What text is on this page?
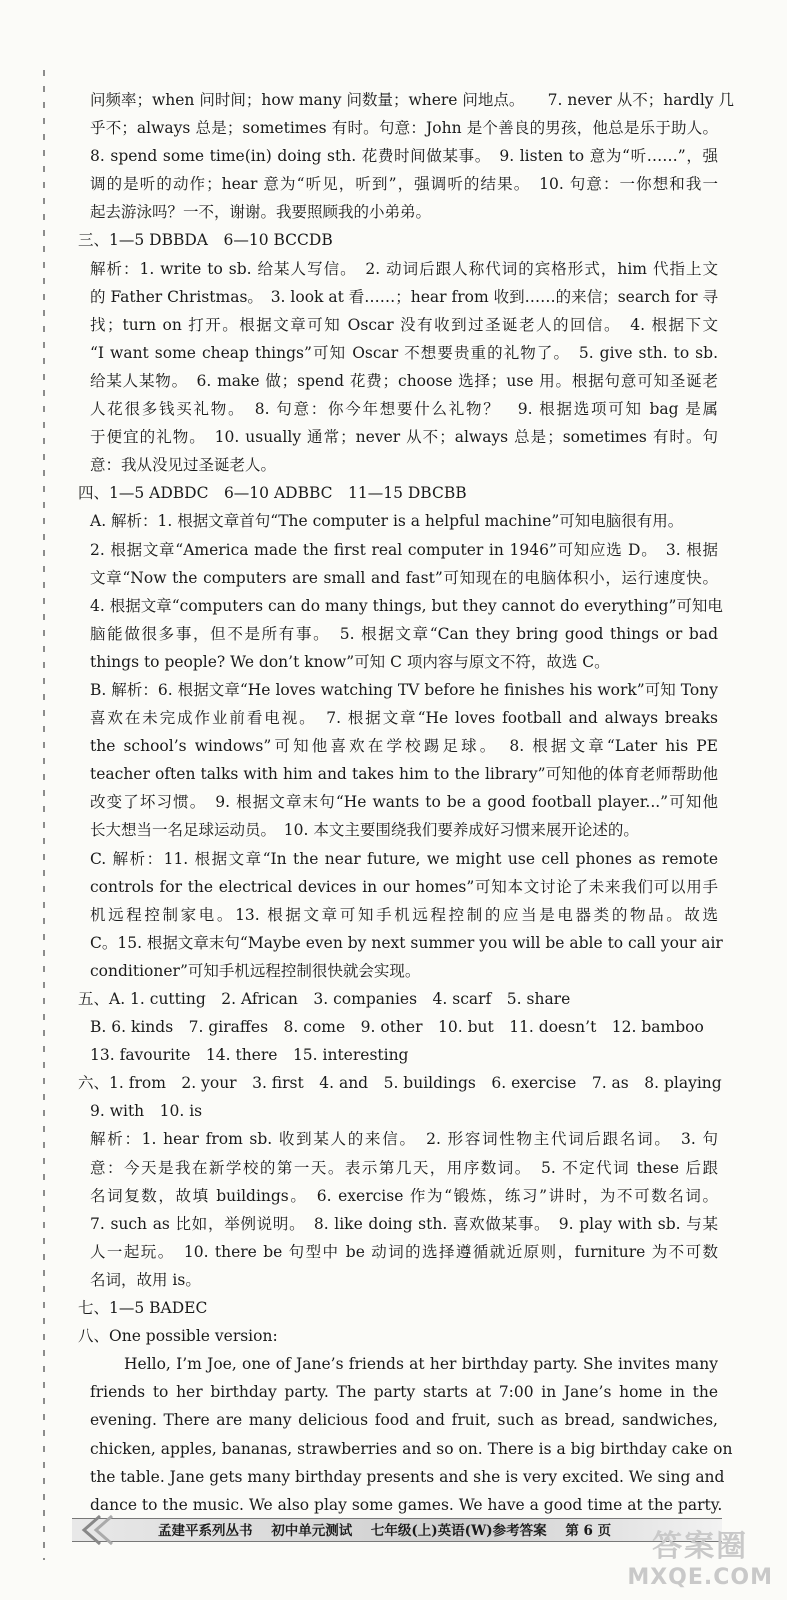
问频率；when 问时间；how many 问数量；where 问地点。　　7. never 从不；hardly 几
乎不；always 总是；sometimes 有时。句意：John 是个善良的男孩，他总是乐于助人。
8. spend some time(in) doing sth. 花费时间做某事。　9. listen to 意为“听……”，强
调的是听的动作；hear 意为“听见，听到”，强调听的结果。　10. 句意：一你想和我一
起去游泳吗？一不，谢谢。我要照顾我的小弟弟。
三、1—5 DBBDA　6—10 BCCDB
解析：1. write to sb. 给某人写信。　2. 动词后跟人称代词的宾格形式，him 代指上文
的 Father Christmas。　3. look at 看……；hear from 收到……的来信；search for 寻
找；turn on 打开。根据文章可知 Oscar 没有收到过圣诞老人的回信。　4. 根据下文
“I want some cheap things”可知 Oscar 不想要贵重的礼物了。　5. give sth. to sb.
给某人某物。　6. make 做；spend 花费；choose 选择；use 用。根据句意可知圣诞老
人花很多钱买礼物。　8. 句意：你今年想要什么礼物？　9. 根据选项可知 bag 是属
于便宜的礼物。　10. usually 通常；never 从不；always 总是；sometimes 有时。句
意：我从没见过圣诞老人。
四、1—5 ADBDC　6—10 ADBBC　11—15 DBCBB
A. 解析：1. 根据文章首句“The computer is a helpful machine”可知电脑很有用。
2. 根据文章“America made the first real computer in 1946”可知应选 D。　3. 根据
文章“Now the computers are small and fast”可知现在的电脑体积小，运行速度快。
4. 根据文章“computers can do many things, but they cannot do everything”可知电
脑能做很多事，但不是所有事。　5. 根据文章“Can they bring good things or bad
things to people? We don’t know”可知 C 项内容与原文不符，故选 C。
B. 解析：6. 根据文章“He loves watching TV before he finishes his work”可知 Tony
喜欢在未完成作业前看电视。　7. 根据文章“He loves football and always breaks
the school’s windows”可知他喜欢在学校踢足球。　8. 根据文章“Later his PE
teacher often talks with him and takes him to the library”可知他的体育老师帮助他
改变了坏习惯。　9. 根据文章末句“He wants to be a good football player...”可知他
长大想当一名足球运动员。　10. 本文主要围绕我们要养成好习惯来展开论述的。
C. 解析：11. 根据文章“In the near future, we might use cell phones as remote
controls for the electrical devices in our homes”可知本文讨论了未来我们可以用手
机远程控制家电。13. 根据文章可知手机远程控制的应当是电器类的物品。故选
C。15. 根据文章末句“Maybe even by next summer you will be able to call your air
conditioner”可知手机远程控制很快就会实现。
五、A. 1. cutting　2. African　3. companies　4. scarf　5. share
B. 6. kinds　7. giraffes　8. come　9. other　10. but　11. doesn’t　12. bamboo
13. favourite　14. there　15. interesting
六、1. from　2. your　3. first　4. and　5. buildings　6. exercise　7. as　8. playing
9. with　10. is
解析：1. hear from sb. 收到某人的来信。　2. 形容词性物主代词后跟名词。　3. 句
意：今天是我在新学校的第一天。表示第几天，用序数词。　5. 不定代词 these 后跟
名词复数，故填 buildings。　6. exercise 作为“锻炼，练习”讲时，为不可数名词。
7. such as 比如，举例说明。　8. like doing sth. 喜欢做某事。　9. play with sb. 与某
人一起玩。　10. there be 句型中 be 动词的选择遵循就近原则，furniture 为不可数
名词，故用 is。
七、1—5 BADEC
八、One possible version:
Hello, I’m Joe, one of Jane’s friends at her birthday party. She invites many
friends to her birthday party. The party starts at 7:00 in Jane’s home in the
evening. There are many delicious food and fruit, such as bread, sandwiches,
chicken, apples, bananas, strawberries and so on. There is a big birthday cake on
the table. Jane gets many birthday presents and she is very excited. We sing and
dance to the music. We also play some games. We have a good time at the party.
孟建平系列丛书 初中单元测试 七年级(上)英语(W)参考答案 第 6 页	答案圈
MXQE.COM
